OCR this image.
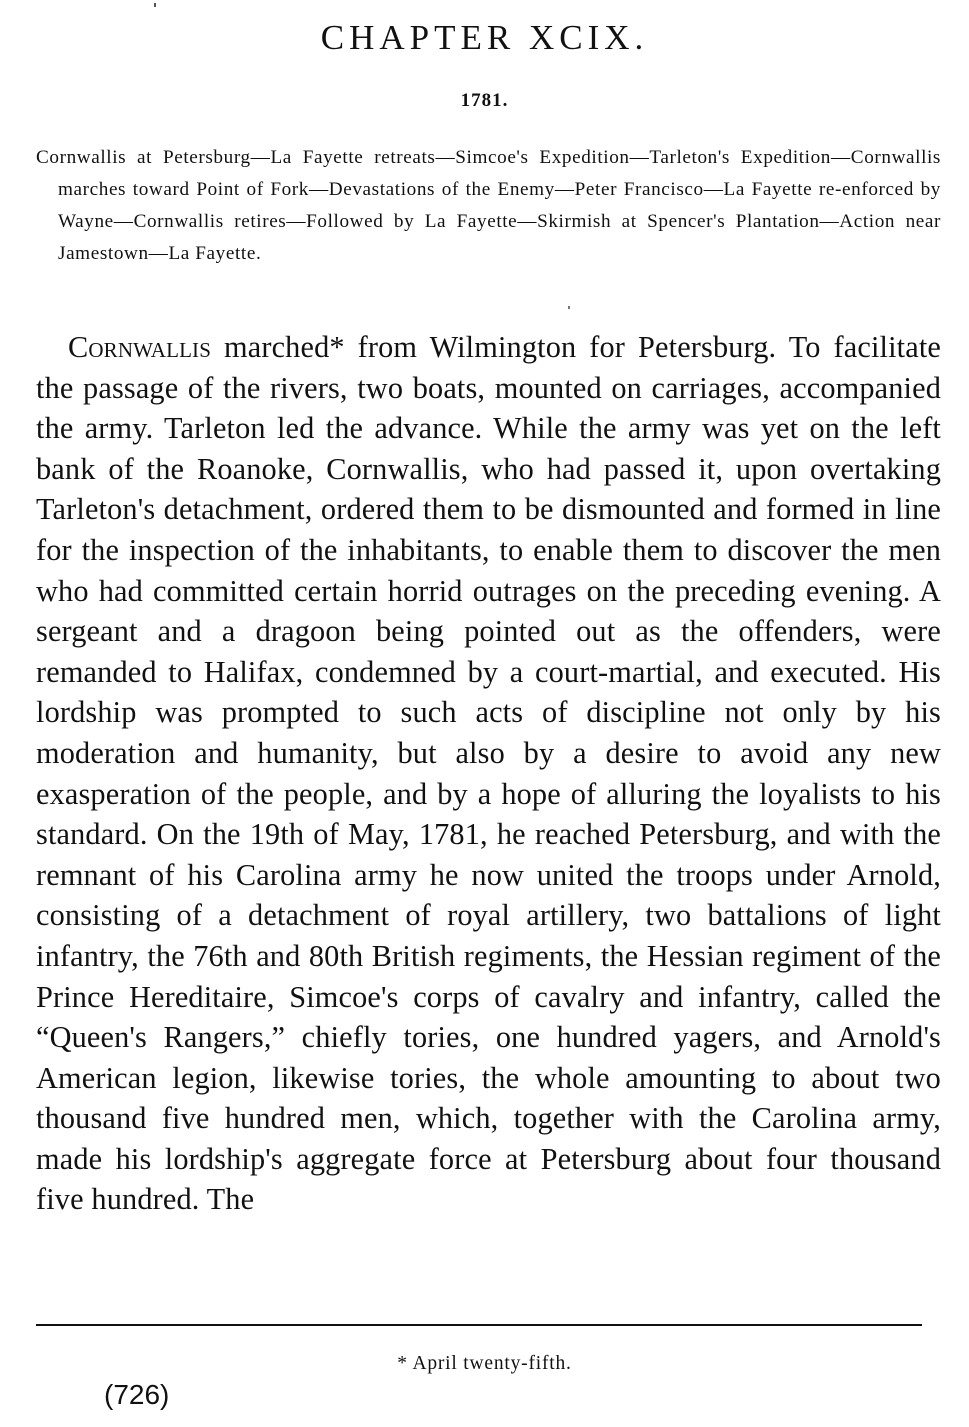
CHAPTER XCIX.
1781.
Cornwallis at Petersburg—La Fayette retreats—Simcoe's Expedition—Tarleton's Expedition—Cornwallis marches toward Point of Fork—Devastations of the Enemy—Peter Francisco—La Fayette re-enforced by Wayne—Cornwallis retires—Followed by La Fayette—Skirmish at Spencer's Plantation—Action near Jamestown—La Fayette.

Cornwallis marched* from Wilmington for Petersburg. To facilitate the passage of the rivers, two boats, mounted on carriages, accompanied the army. Tarleton led the advance. While the army was yet on the left bank of the Roanoke, Cornwallis, who had passed it, upon overtaking Tarleton's detachment, ordered them to be dismounted and formed in line for the inspection of the inhabitants, to enable them to discover the men who had committed certain horrid outrages on the preceding evening. A sergeant and a dragoon being pointed out as the offenders, were remanded to Halifax, condemned by a court-martial, and executed. His lordship was prompted to such acts of discipline not only by his moderation and humanity, but also by a desire to avoid any new exasperation of the people, and by a hope of alluring the loyalists to his standard. On the 19th of May, 1781, he reached Petersburg, and with the remnant of his Carolina army he now united the troops under Arnold, consisting of a detachment of royal artillery, two battalions of light infantry, the 76th and 80th British regiments, the Hessian regiment of the Prince Hereditaire, Simcoe's corps of cavalry and infantry, called the “Queen's Rangers,” chiefly tories, one hundred yagers, and Arnold's American legion, likewise tories, the whole amounting to about two thousand five hundred men, which, together with the Carolina army, made his lordship's aggregate force at Petersburg about four thousand five hundred. The

* April twenty-fifth.
(726)
